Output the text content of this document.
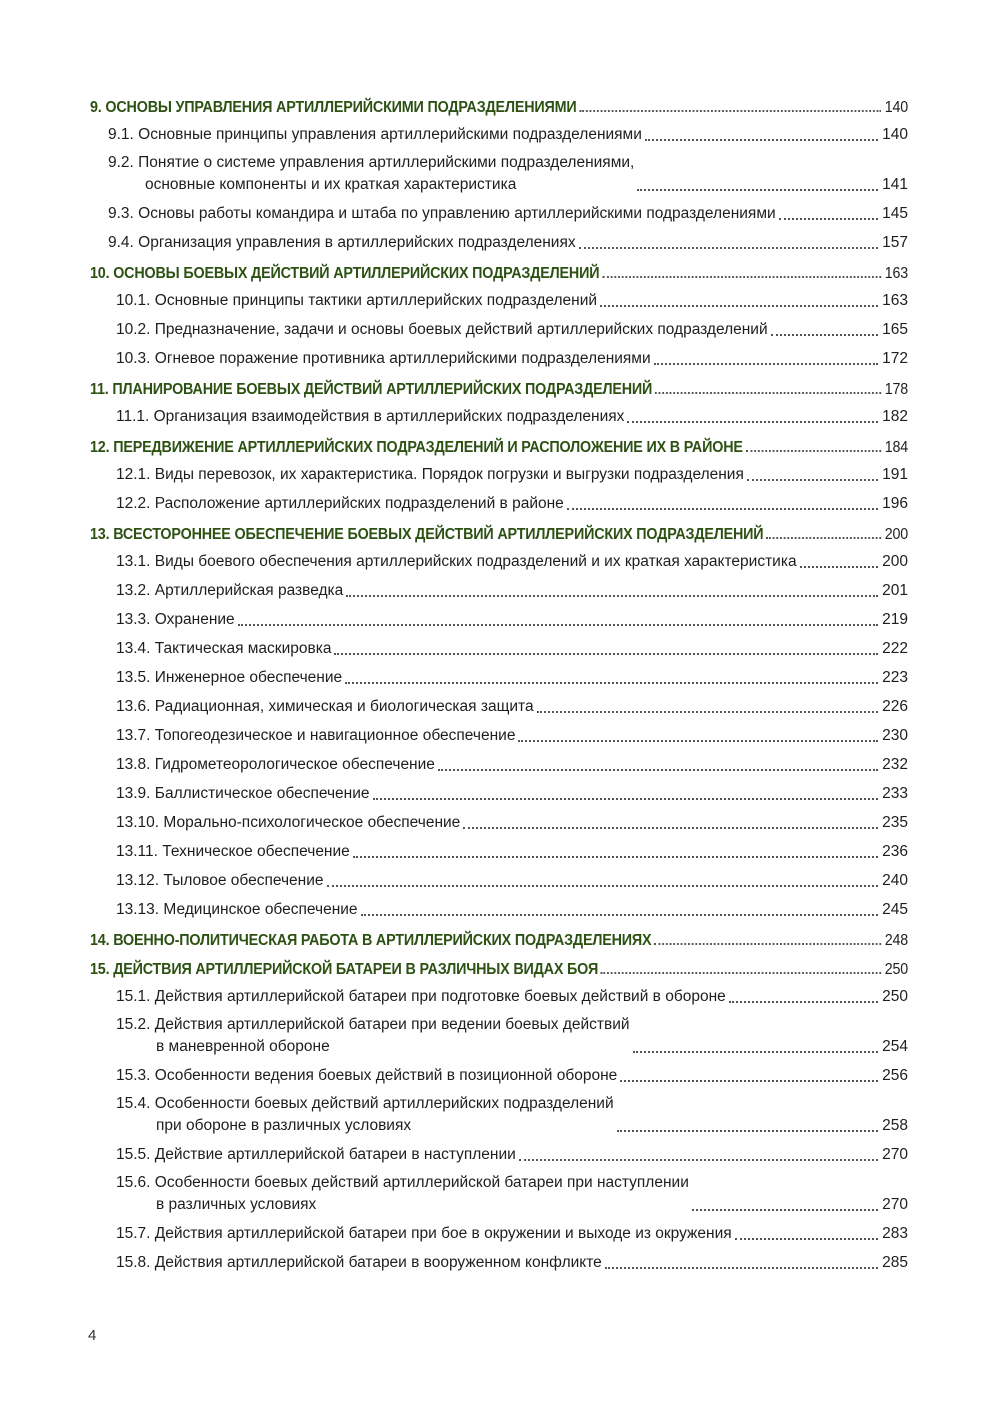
9. ОСНОВЫ УПРАВЛЕНИЯ АРТИЛЛЕРИЙСКИМИ ПОДРАЗДЕЛЕНИЯМИ	140
9.1. Основные принципы управления артиллерийскими подразделениями	140
9.2. Понятие о системе управления артиллерийскими подразделениями,
основные компоненты и их краткая характеристика	141
9.3. Основы работы командира и штаба по управлению артиллерийскими подразделениями	145
9.4. Организация управления в артиллерийских подразделениях	157
10. ОСНОВЫ БОЕВЫХ ДЕЙСТВИЙ АРТИЛЛЕРИЙСКИХ ПОДРАЗДЕЛЕНИЙ	163
10.1. Основные принципы тактики артиллерийских подразделений	163
10.2. Предназначение, задачи и основы боевых действий артиллерийских подразделений	165
10.3. Огневое поражение противника артиллерийскими подразделениями	172
11. ПЛАНИРОВАНИЕ БОЕВЫХ ДЕЙСТВИЙ АРТИЛЛЕРИЙСКИХ ПОДРАЗДЕЛЕНИЙ	178
11.1. Организация взаимодействия в артиллерийских подразделениях	182
12. ПЕРЕДВИЖЕНИЕ АРТИЛЛЕРИЙСКИХ ПОДРАЗДЕЛЕНИЙ И РАСПОЛОЖЕНИЕ ИХ В РАЙОНЕ	184
12.1. Виды перевозок, их характеристика. Порядок погрузки и выгрузки подразделения	191
12.2. Расположение артиллерийских подразделений в районе	196
13. ВСЕСТОРОННЕЕ ОБЕСПЕЧЕНИЕ БОЕВЫХ ДЕЙСТВИЙ АРТИЛЛЕРИЙСКИХ ПОДРАЗДЕЛЕНИЙ	200
13.1. Виды боевого обеспечения артиллерийских подразделений и их краткая характеристика	200
13.2. Артиллерийская разведка	201
13.3. Охранение	219
13.4. Тактическая маскировка	222
13.5. Инженерное обеспечение	223
13.6. Радиационная, химическая и биологическая защита	226
13.7. Топогеодезическое и навигационное обеспечение	230
13.8. Гидрометеорологическое обеспечение	232
13.9. Баллистическое обеспечение	233
13.10. Морально-психологическое обеспечение	235
13.11. Техническое обеспечение	236
13.12. Тыловое обеспечение	240
13.13. Медицинское обеспечение	245
14. ВОЕННО-ПОЛИТИЧЕСКАЯ РАБОТА В АРТИЛЛЕРИЙСКИХ ПОДРАЗДЕЛЕНИЯХ	248
15. ДЕЙСТВИЯ АРТИЛЛЕРИЙСКОЙ БАТАРЕИ В РАЗЛИЧНЫХ ВИДАХ БОЯ	250
15.1. Действия артиллерийской батареи при подготовке боевых действий в обороне	250
15.2. Действия артиллерийской батареи при ведении боевых действий
в маневренной обороне	254
15.3. Особенности ведения боевых действий в позиционной обороне	256
15.4. Особенности боевых действий артиллерийских подразделений
при обороне в различных условиях	258
15.5. Действие артиллерийской батареи в наступлении	270
15.6. Особенности боевых действий артиллерийской батареи при наступлении
в различных условиях	270
15.7. Действия артиллерийской батареи при бое в окружении и выходе из окружения	283
15.8. Действия артиллерийской батареи в вооруженном конфликте	285
4
